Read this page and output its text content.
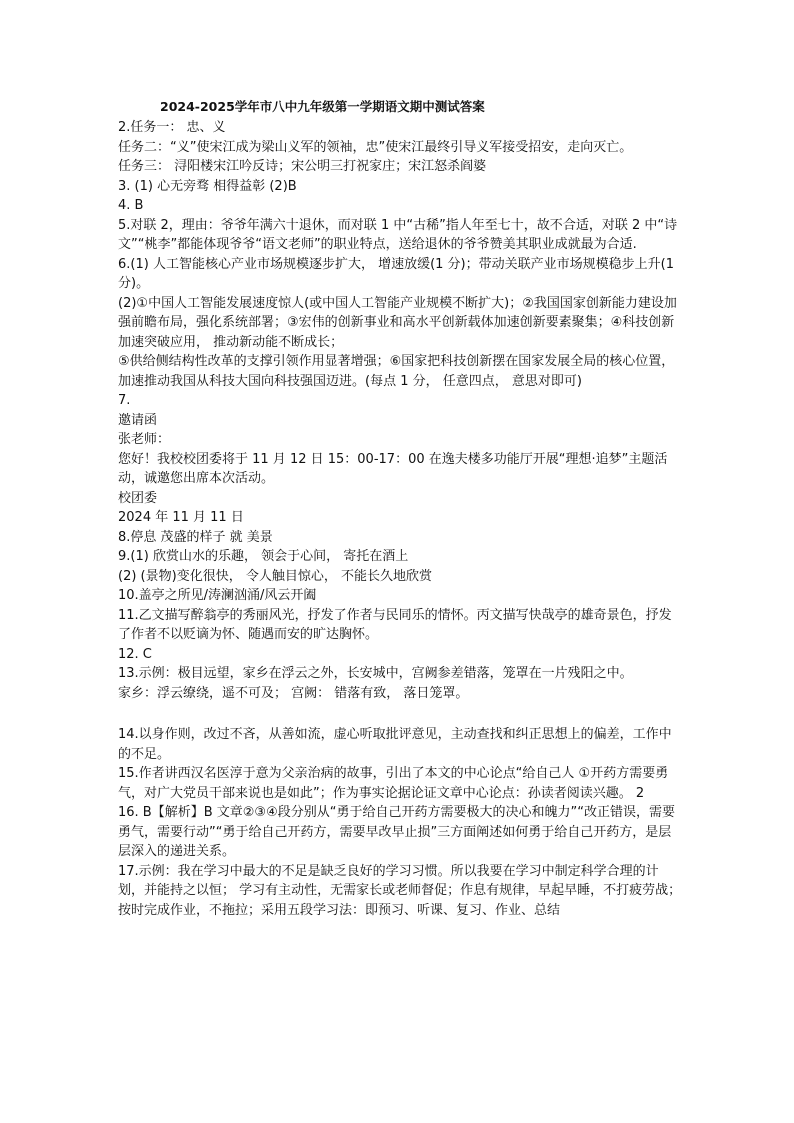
2024-2025学年市八中九年级第一学期语文期中测试答案

2.任务一： 忠、义

任务二：“义”使宋江成为梁山义军的领袖，忠”使宋江最终引导义军接受招安，走向灭亡。

任务三： 浔阳楼宋江吟反诗；宋公明三打祝家庄；宋江怒杀阎婆

3. (1) 心无旁骛 相得益彰 (2)B

4. B

5.对联 2，理由：爷爷年满六十退休，而对联 1 中“古稀”指人年至七十，故不合适，对联 2 中“诗文”“桃李”都能体现爷爷“语文老师”的职业特点，送给退休的爷爷赞美其职业成就最为合适.

6.(1) 人工智能核心产业市场规模逐步扩大， 增速放缓(1 分)；带动关联产业市场规模稳步上升(1 分)。

(2)①中国人工智能发展速度惊人(或中国人工智能产业规模不断扩大)；②我国国家创新能力建设加强前瞻布局，强化系统部署；③宏伟的创新事业和高水平创新载体加速创新要素聚集；④科技创新加速突破应用， 推动新动能不断成长；

⑤供给侧结构性改革的支撑引领作用显著增强；⑥国家把科技创新摆在国家发展全局的核心位置， 加速推动我国从科技大国向科技强国迈进。(每点 1 分， 任意四点， 意思对即可)

7.

邀请函

张老师：

您好！我校校团委将于 11 月 12 日 15：00-17：00 在逸夫楼多功能厅开展“理想·追梦”主题活动，诚邀您出席本次活动。

校团委

2024 年 11 月 11 日

8.停息 茂盛的样子 就 美景

9.(1) 欣赏山水的乐趣， 领会于心间， 寄托在酒上

(2) (景物)变化很快， 令人触目惊心， 不能长久地欣赏

10.盖亭之所见/涛澜汹涌/风云开阖

11.乙文描写醉翁亭的秀丽风光，抒发了作者与民同乐的情怀。丙文描写快哉亭的雄奇景色，抒发了作者不以贬谪为怀、随遇而安的旷达胸怀。

12. C

13.示例：极目远望，家乡在浮云之外，长安城中，宫阙参差错落，笼罩在一片残阳之中。

家乡：浮云缭绕，遥不可及； 宫阙： 错落有致， 落日笼罩。

14.以身作则，改过不吝，从善如流，虚心听取批评意见，主动查找和纠正思想上的偏差，工作中的不足。

15.作者讲西汉名医淳于意为父亲治病的故事，引出了本文的中心论点“给自己人 ①开药方需要勇气，对广大党员干部来说也是如此”；作为事实论据论证文章中心论点：孙读者阅读兴趣。 2

16. B【解析】B 文章②③④段分别从“勇于给自己开药方需要极大的决心和魄力”“改正错误，需要勇气，需要行动”“勇于给自己开药方，需要早改早止损”三方面阐述如何勇于给自己开药方，是层层深入的递进关系。

17.示例：我在学习中最大的不足是缺乏良好的学习习惯。所以我要在学习中制定科学合理的计划，并能持之以恒； 学习有主动性，无需家长或老师督促；作息有规律，早起早睡，不打疲劳战；按时完成作业，不拖拉；采用五段学习法：即预习、听课、复习、作业、总结
